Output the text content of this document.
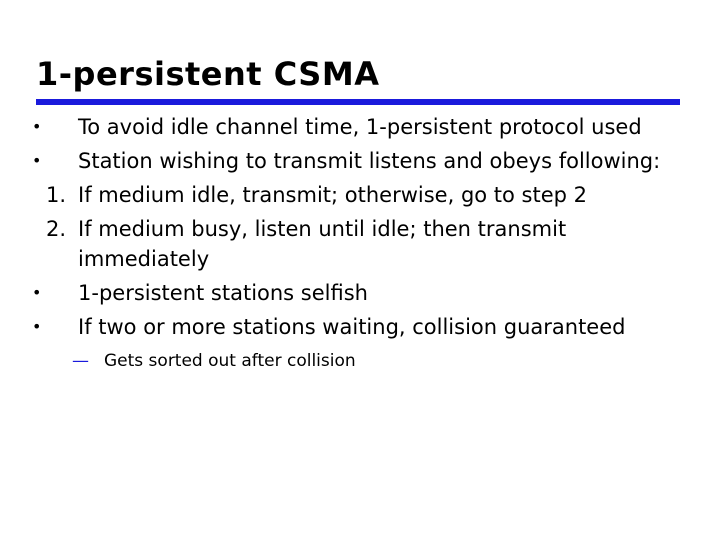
1-persistent CSMA
•	To avoid idle channel time, 1-persistent protocol used
•	Station wishing to transmit listens and obeys following:
1. If medium idle, transmit; otherwise, go to step 2
2. If medium busy, listen until idle; then transmit immediately
•	1-persistent stations selfish
•	If two or more stations waiting, collision guaranteed
— Gets sorted out after collision
